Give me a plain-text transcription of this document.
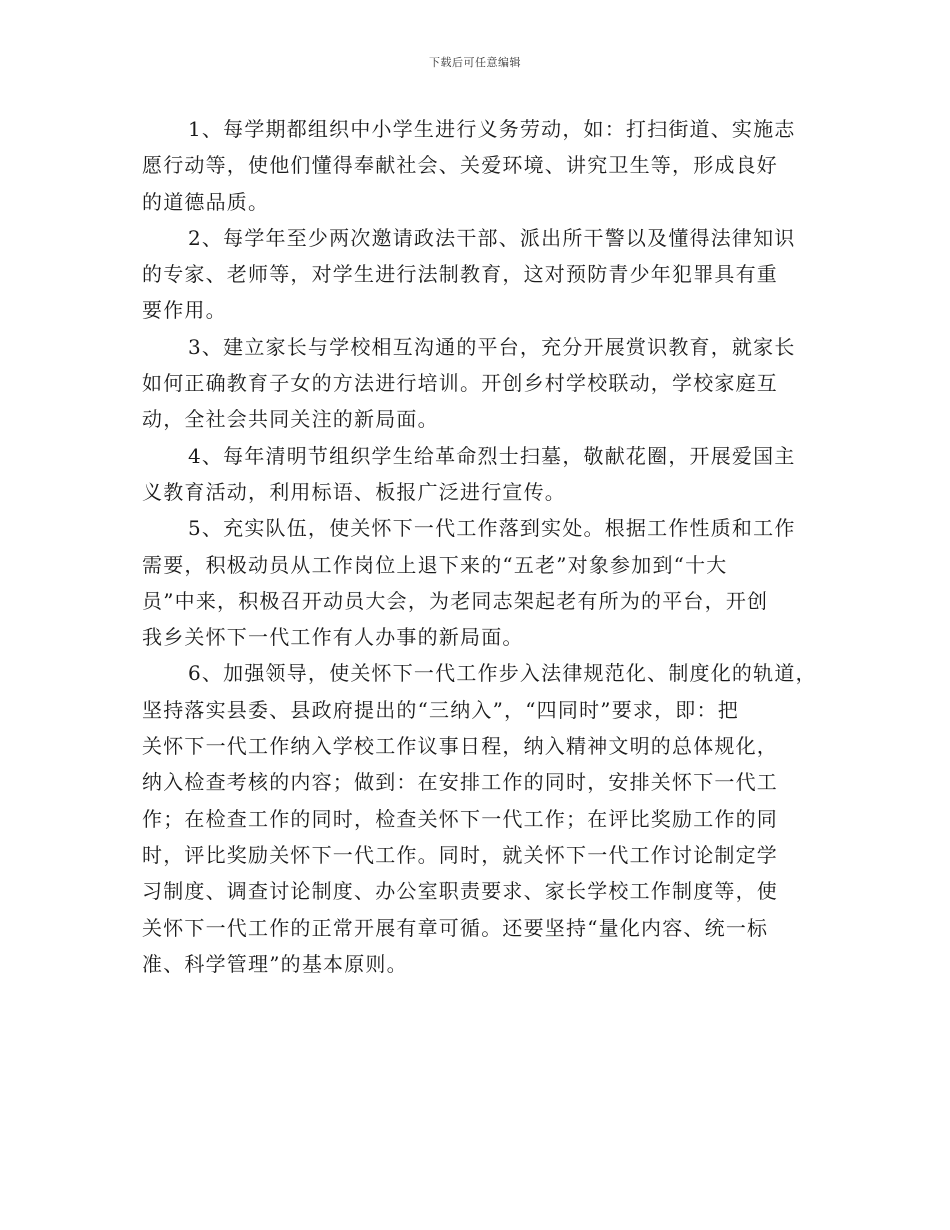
下载后可任意编辑
1、每学期都组织中小学生进行义务劳动，如：打扫街道、实施志
愿行动等，使他们懂得奉献社会、关爱环境、讲究卫生等，形成良好
的道德品质。
2、每学年至少两次邀请政法干部、派出所干警以及懂得法律知识
的专家、老师等，对学生进行法制教育，这对预防青少年犯罪具有重
要作用。
3、建立家长与学校相互沟通的平台，充分开展赏识教育，就家长
如何正确教育子女的方法进行培训。开创乡村学校联动，学校家庭互
动，全社会共同关注的新局面。
4、每年清明节组织学生给革命烈士扫墓，敬献花圈，开展爱国主
义教育活动，利用标语、板报广泛进行宣传。
5、充实队伍，使关怀下一代工作落到实处。根据工作性质和工作
需要，积极动员从工作岗位上退下来的“五老”对象参加到“十大
员”中来，积极召开动员大会，为老同志架起老有所为的平台，开创
我乡关怀下一代工作有人办事的新局面。
6、加强领导，使关怀下一代工作步入法律规范化、制度化的轨道，
坚持落实县委、县政府提出的“三纳入”，“四同时”要求，即：把
关怀下一代工作纳入学校工作议事日程，纳入精神文明的总体规化，
纳入检查考核的内容；做到：在安排工作的同时，安排关怀下一代工
作；在检查工作的同时，检查关怀下一代工作；在评比奖励工作的同
时，评比奖励关怀下一代工作。同时，就关怀下一代工作讨论制定学
习制度、调查讨论制度、办公室职责要求、家长学校工作制度等，使
关怀下一代工作的正常开展有章可循。还要坚持“量化内容、统一标
准、科学管理”的基本原则。
